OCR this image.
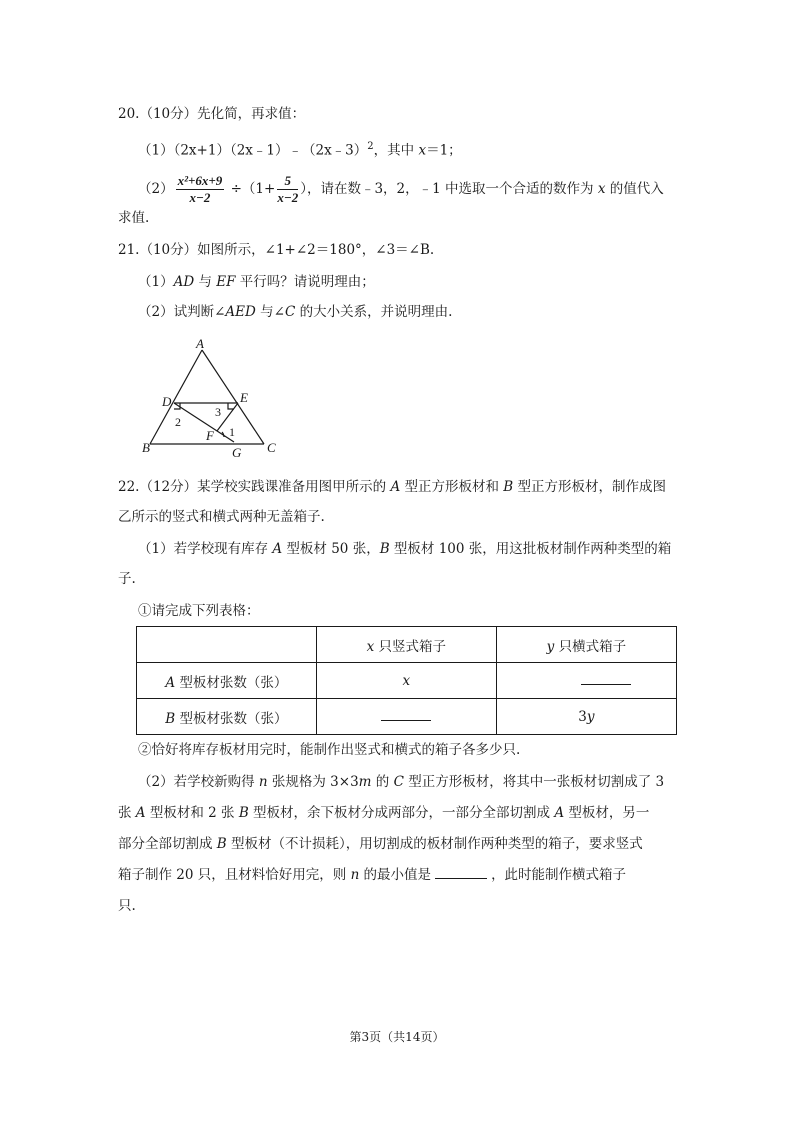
20.（10分）先化简，再求值：
（1）（2x+1）（2x﹣1）﹣（2x﹣3）$^2$，其中 x＝1；
$(2) \frac{\text{x²+6x+9}}{x-2} \div(1+ \frac{5}{x-2}$ ），请在数﹣3，2，﹣1 中选取一个合适的数作为 x 的值代入
求值.
21.（10分）如图所示，∠1+∠2＝180°，∠3＝∠B.
（1）AD 与 EF 平行吗？请说明理由；
（2）试判断∠AED 与∠C 的大小关系，并说明理由.
A
B	C
D	E
F
G
1
2
3
22.（12分）某学校实践课准备用图甲所示的 A 型正方形板材和 B 型正方形板材，制作成图
乙所示的竖式和横式两种无盖箱子.
（1）若学校现有库存 A 型板材 50 张，B 型板材 100 张，用这批板材制作两种类型的箱
子.
①请完成下列表格：
	x 只竖式箱子	y 只横式箱子
A 型板材张数（张）	x	
B 型板材张数（张）		3y
②恰好将库存板材用完时，能制作出竖式和横式的箱子各多少只.
（2）若学校新购得 n 张规格为 3×3m 的 C 型正方形板材，将其中一张板材切割成了 3
张 A 型板材和 2 张 B 型板材，余下板材分成两部分，一部分全部切割成 A 型板材，另一
部分全部切割成 B 型板材（不计损耗），用切割成的板材制作两种类型的箱子，要求竖式
箱子制作 20 只，且材料恰好用完，则 n 的最小值是	，此时能制作横式箱子
只.
第3页（共14页）
